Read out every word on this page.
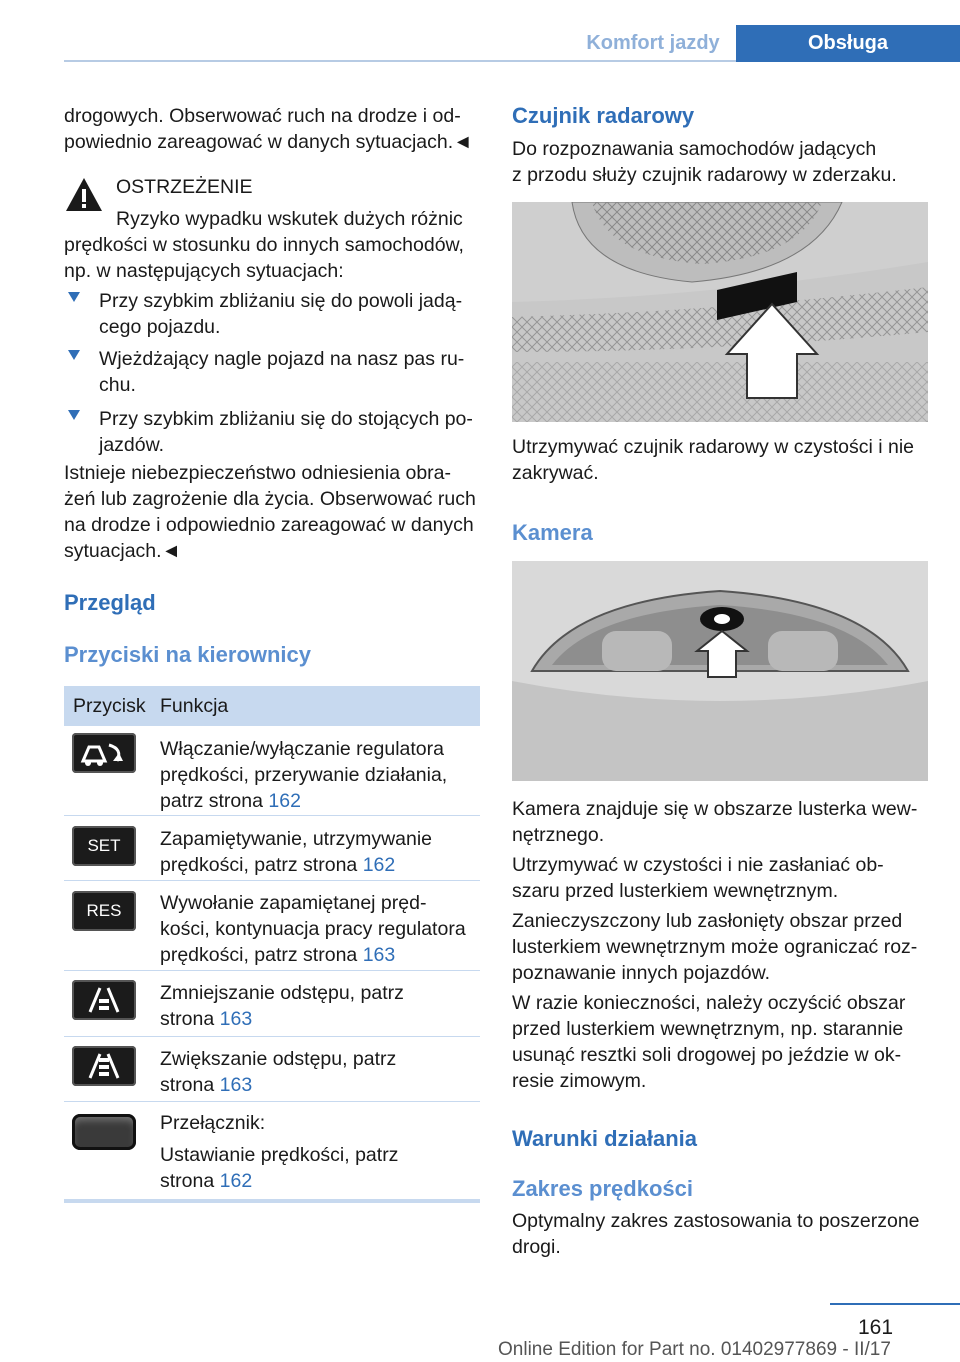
Komfort jazdy	Obsługa
drogowych. Obserwować ruch na drodze i od-
powiednio zareagować w danych sytuacjach.◄
OSTRZEŻENIE
Ryzyko wypadku wskutek dużych różnic
prędkości w stosunku do innych samochodów, np. w następujących sytuacjach:
Przy szybkim zbliżaniu się do powoli jadą-
cego pojazdu.
Wjeżdżający nagle pojazd na nasz pas ru-
chu.
Przy szybkim zbliżaniu się do stojących po-
jazdów.
Istnieje niebezpieczeństwo odniesienia obra- żeń lub zagrożenie dla życia. Obserwować ruch na drodze i odpowiednio zareagować w danych sytuacjach.◄
Przegląd
Przyciski na kierownicy
Przycisk Funkcja
Włączanie/wyłączanie regulatora
prędkości, przerywanie działania,
patrz strona 162
SET	Zapamiętywanie, utrzymywanie
prędkości, patrz strona 162
RES	Wywołanie zapamiętanej pręd-
kości, kontynuacja pracy regulatora
prędkości, patrz strona 163
Zmniejszanie odstępu, patrz
strona 163
Zwiększanie odstępu, patrz
strona 163
Przełącznik:
Ustawianie prędkości, patrz
strona 162
Czujnik radarowy
Do rozpoznawania samochodów jadących
z przodu służy czujnik radarowy w zderzaku.
Utrzymywać czujnik radarowy w czystości i nie zakrywać.
Kamera
Kamera znajduje się w obszarze lusterka wew-
nętrznego.
Utrzymywać w czystości i nie zasłaniać ob-
szaru przed lusterkiem wewnętrznym.
Zanieczyszczony lub zasłonięty obszar przed
lusterkiem wewnętrznym może ograniczać roz-
poznawanie innych pojazdów.
W razie konieczności, należy oczyścić obszar
przed lusterkiem wewnętrznym, np. starannie
usunąć resztki soli drogowej po jeździe w ok-
resie zimowym.
Warunki działania
Zakres prędkości
Optymalny zakres zastosowania to poszerzone
drogi.
161
Online Edition for Part no. 01402977869 - II/17
